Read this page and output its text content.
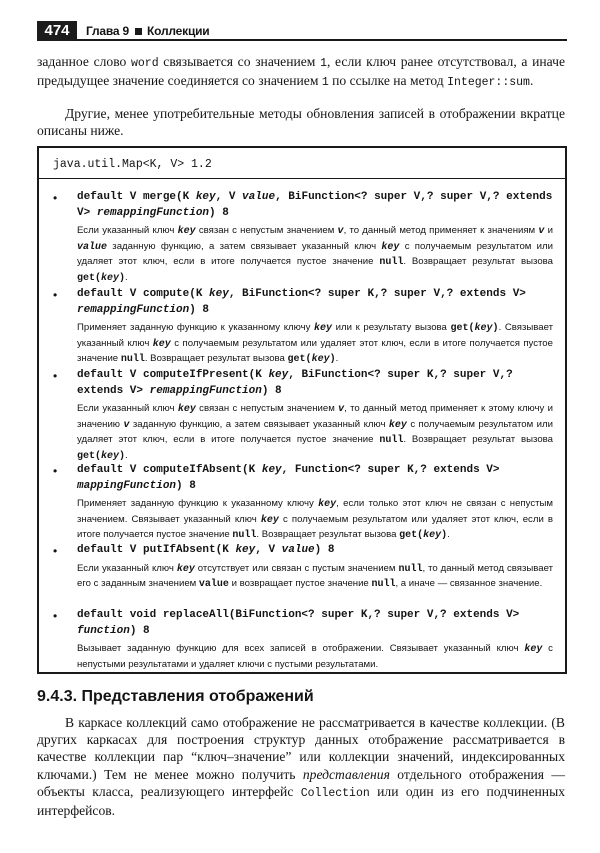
474	Глава 9 Коллекции

заданное слово word связывается со значением 1, если ключ ранее отсутствовал, а иначе предыдущее значение соединяется со значением 1 по ссылке на метод Integer::sum.

Другие, менее употребительные методы обновления записей в отображении вкратце описаны ниже.

java.util.Map<K, V> 1.2
• default V merge(K key, V value, BiFunction<? super V,? super V,? extends V> remappingFunction) 8
Если указанный ключ key связан с непустым значением v, то данный метод применяет к значениям v и value заданную функцию, а затем связывает указанный ключ key с получаемым результатом или удаляет этот ключ, если в итоге получается пустое значение null. Возвращает результат вызова get(key).
• default V compute(K key, BiFunction<? super K,? super V,? extends V> remappingFunction) 8
Применяет заданную функцию к указанному ключу key или к результату вызова get(key). Связывает указанный ключ key с получаемым результатом или удаляет этот ключ, если в итоге получается пустое значение null. Возвращает результат вызова get(key).
• default V computeIfPresent(K key, BiFunction<? super K,? super V,? extends V> remappingFunction) 8
Если указанный ключ key связан с непустым значением v, то данный метод применяет к этому ключу и значению v заданную функцию, а затем связывает указанный ключ key с получаемым результатом или удаляет этот ключ, если в итоге получается пустое значение null. Возвращает результат вызова get(key).
• default V computeIfAbsent(K key, Function<? super K,? extends V> mappingFunction) 8
Применяет заданную функцию к указанному ключу key, если только этот ключ не связан с непустым значением. Связывает указанный ключ key с получаемым результатом или удаляет этот ключ, если в итоге получается пустое значение null. Возвращает результат вызова get(key).
• default V putIfAbsent(K key, V value) 8
Если указанный ключ key отсутствует или связан с пустым значением null, то данный метод связывает его с заданным значением value и возвращает пустое значение null, а иначе — связанное значение.
• default void replaceAll(BiFunction<? super K,? super V,? extends V> function) 8
Вызывает заданную функцию для всех записей в отображении. Связывает указанный ключ key с непустыми результатами и удаляет ключи с пустыми результатами.
9.4.3. Представления отображений

В каркасе коллекций само отображение не рассматривается в качестве коллекции. (В других каркасах для построения структур данных отображение рассматривается в качестве коллекции пар “ключ–значение” или коллекции значений, индексированных ключами.) Тем не менее можно получить представления отдельного отображения — объекты класса, реализующего интерфейс Collection или один из его подчиненных интерфейсов.
